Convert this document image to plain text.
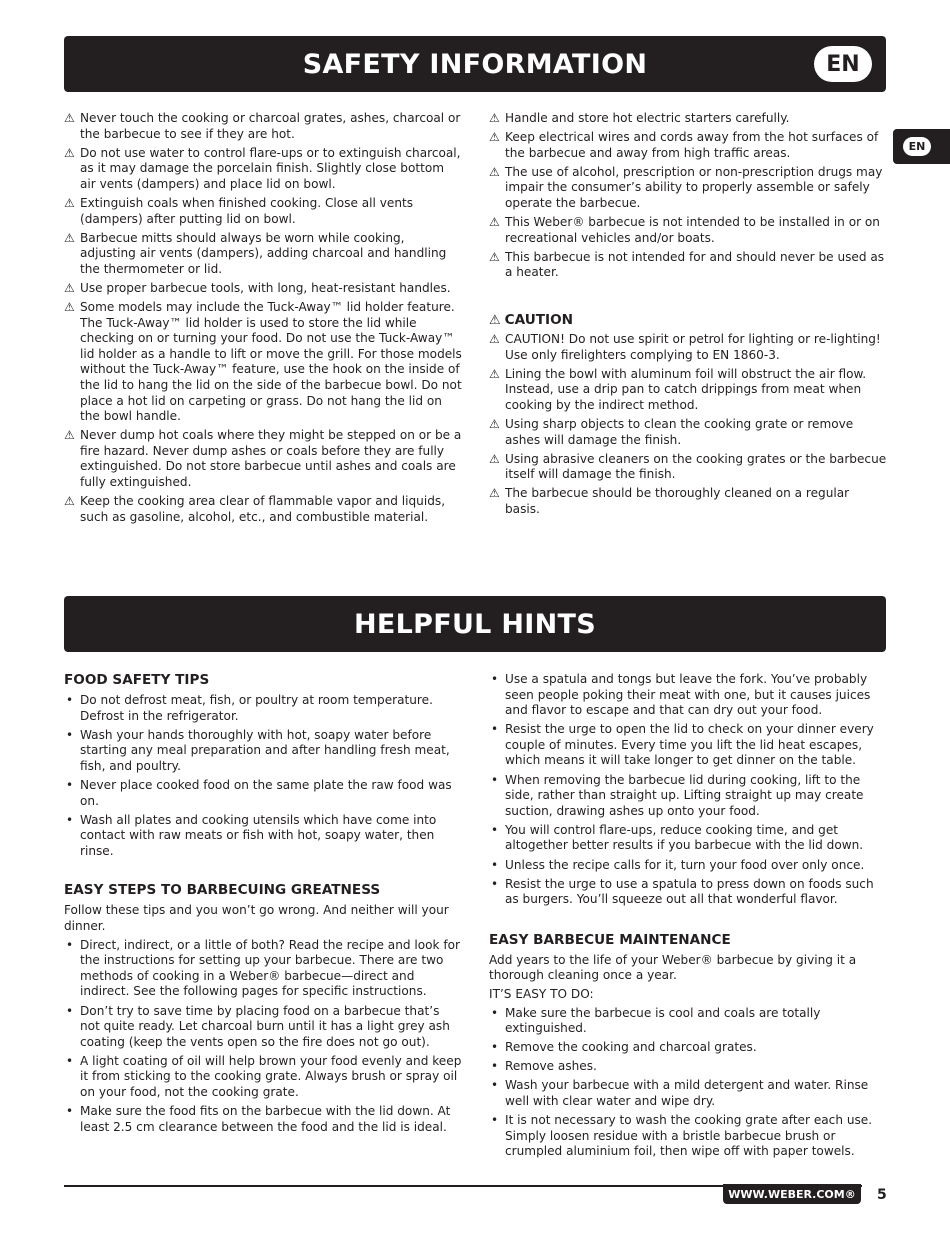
EN
SAFETY INFORMATION	EN
⚠ Never touch the cooking or charcoal grates, ashes, charcoal or the barbecue to see if they are hot.
⚠ Do not use water to control flare-ups or to extinguish charcoal, as it may damage the porcelain finish. Slightly close bottom air vents (dampers) and place lid on bowl.
⚠ Extinguish coals when finished cooking. Close all vents (dampers) after putting lid on bowl.
⚠ Barbecue mitts should always be worn while cooking, adjusting air vents (dampers), adding charcoal and handling the thermometer or lid.
⚠ Use proper barbecue tools, with long, heat-resistant handles.
⚠ Some models may include the Tuck-Away™ lid holder feature. The Tuck-Away™ lid holder is used to store the lid while checking on or turning your food. Do not use the Tuck-Away™ lid holder as a handle to lift or move the grill. For those models without the Tuck-Away™ feature, use the hook on the inside of the lid to hang the lid on the side of the barbecue bowl. Do not place a hot lid on carpeting or grass. Do not hang the lid on the bowl handle.
⚠ Never dump hot coals where they might be stepped on or be a fire hazard. Never dump ashes or coals before they are fully extinguished. Do not store barbecue until ashes and coals are fully extinguished.
⚠ Keep the cooking area clear of flammable vapor and liquids, such as gasoline, alcohol, etc., and combustible material.
⚠ Handle and store hot electric starters carefully.
⚠ Keep electrical wires and cords away from the hot surfaces of the barbecue and away from high traffic areas.
⚠ The use of alcohol, prescription or non-prescription drugs may impair the consumer’s ability to properly assemble or safely operate the barbecue.
⚠ This Weber® barbecue is not intended to be installed in or on recreational vehicles and/or boats.
⚠ This barbecue is not intended for and should never be used as a heater.
⚠ CAUTION
⚠ CAUTION! Do not use spirit or petrol for lighting or re-lighting! Use only firelighters complying to EN 1860-3.
⚠ Lining the bowl with aluminum foil will obstruct the air flow. Instead, use a drip pan to catch drippings from meat when cooking by the indirect method.
⚠ Using sharp objects to clean the cooking grate or remove ashes will damage the finish.
⚠ Using abrasive cleaners on the cooking grates or the barbecue itself will damage the finish.
⚠ The barbecue should be thoroughly cleaned on a regular basis.
HELPFUL HINTS
FOOD SAFETY TIPS
• Do not defrost meat, fish, or poultry at room temperature. Defrost in the refrigerator.
• Wash your hands thoroughly with hot, soapy water before starting any meal preparation and after handling fresh meat, fish, and poultry.
• Never place cooked food on the same plate the raw food was on.
• Wash all plates and cooking utensils which have come into contact with raw meats or fish with hot, soapy water, then rinse.
EASY STEPS TO BARBECUING GREATNESS

Follow these tips and you won’t go wrong. And neither will your dinner.

• Direct, indirect, or a little of both? Read the recipe and look for the instructions for setting up your barbecue. There are two methods of cooking in a Weber® barbecue—direct and indirect. See the following pages for specific instructions.
• Don’t try to save time by placing food on a barbecue that’s not quite ready. Let charcoal burn until it has a light grey ash coating (keep the vents open so the fire does not go out).
• A light coating of oil will help brown your food evenly and keep it from sticking to the cooking grate. Always brush or spray oil on your food, not the cooking grate.
• Make sure the food fits on the barbecue with the lid down. At least 2.5 cm clearance between the food and the lid is ideal.
• Use a spatula and tongs but leave the fork. You’ve probably seen people poking their meat with one, but it causes juices and flavor to escape and that can dry out your food.
• Resist the urge to open the lid to check on your dinner every couple of minutes. Every time you lift the lid heat escapes, which means it will take longer to get dinner on the table.
• When removing the barbecue lid during cooking, lift to the side, rather than straight up. Lifting straight up may create suction, drawing ashes up onto your food.
• You will control flare-ups, reduce cooking time, and get altogether better results if you barbecue with the lid down.
• Unless the recipe calls for it, turn your food over only once.
• Resist the urge to use a spatula to press down on foods such as burgers. You’ll squeeze out all that wonderful flavor.
EASY BARBECUE MAINTENANCE

Add years to the life of your Weber® barbecue by giving it a thorough cleaning once a year.

IT’S EASY TO DO:

• Make sure the barbecue is cool and coals are totally extinguished.
• Remove the cooking and charcoal grates.
• Remove ashes.
• Wash your barbecue with a mild detergent and water. Rinse well with clear water and wipe dry.
• It is not necessary to wash the cooking grate after each use. Simply loosen residue with a bristle barbecue brush or crumpled aluminium foil, then wipe off with paper towels.
WWW.WEBER.COM®	5
